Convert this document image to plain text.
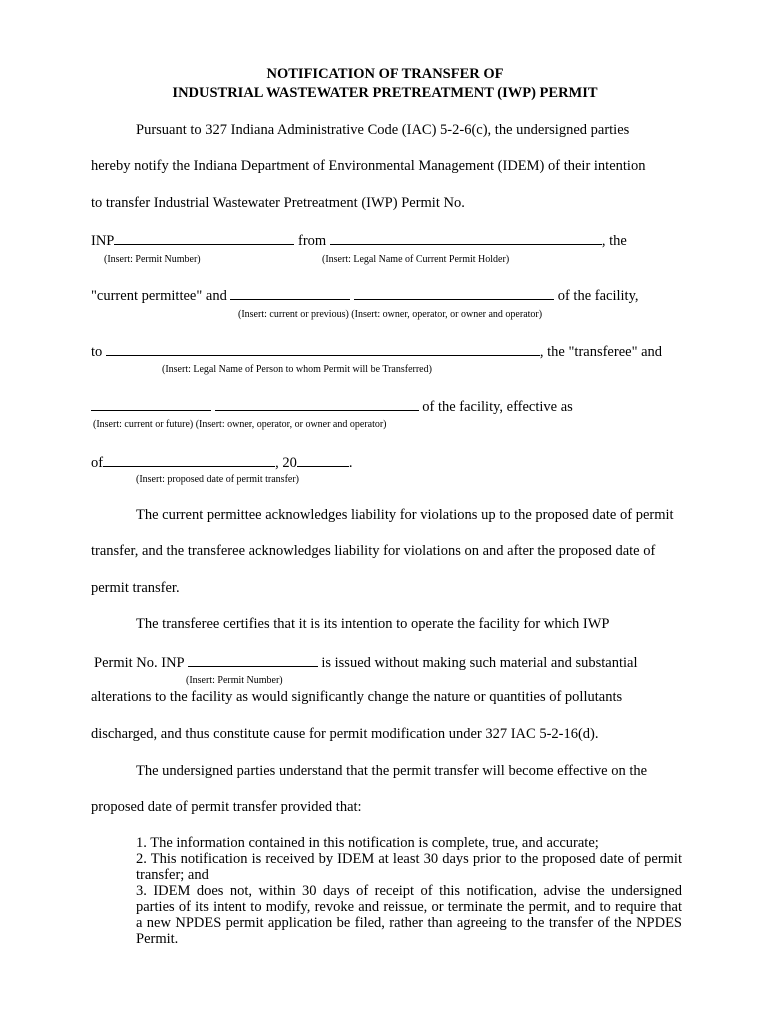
NOTIFICATION OF TRANSFER OF
INDUSTRIAL WASTEWATER PRETREATMENT (IWP) PERMIT
Pursuant to 327 Indiana Administrative Code (IAC) 5-2-6(c), the undersigned parties
hereby notify the Indiana Department of Environmental Management (IDEM) of their intention
to transfer Industrial Wastewater Pretreatment (IWP) Permit No.
INP	from	, the
(Insert: Permit Number)	(Insert: Legal Name of Current Permit Holder)
"current permittee" and	of the facility,
(Insert: current or previous) (Insert: owner, operator, or owner and operator)
to	, the "transferee" and
(Insert: Legal Name of Person to whom Permit will be Transferred)
of the facility, effective as
(Insert: current or future) (Insert: owner, operator, or owner and operator)
of	, 20	.
(Insert: proposed date of permit transfer)
The current permittee acknowledges liability for violations up to the proposed date of permit
transfer, and the transferee acknowledges liability for violations on and after the proposed date of
permit transfer.
The transferee certifies that it is its intention to operate the facility for which IWP
Permit No. INP	is issued without making such material and substantial
(Insert: Permit Number)
alterations to the facility as would significantly change the nature or quantities of pollutants
discharged, and thus constitute cause for permit modification under 327 IAC 5-2-16(d).
The undersigned parties understand that the permit transfer will become effective on the
proposed date of permit transfer provided that:

1. The information contained in this notification is complete, true, and accurate;

2. This notification is received by IDEM at least 30 days prior to the proposed date of permit transfer; and

3. IDEM does not, within 30 days of receipt of this notification, advise the undersigned parties of its intent to modify, revoke and reissue, or terminate the permit, and to require that a new NPDES permit application be filed, rather than agreeing to the transfer of the NPDES Permit.
